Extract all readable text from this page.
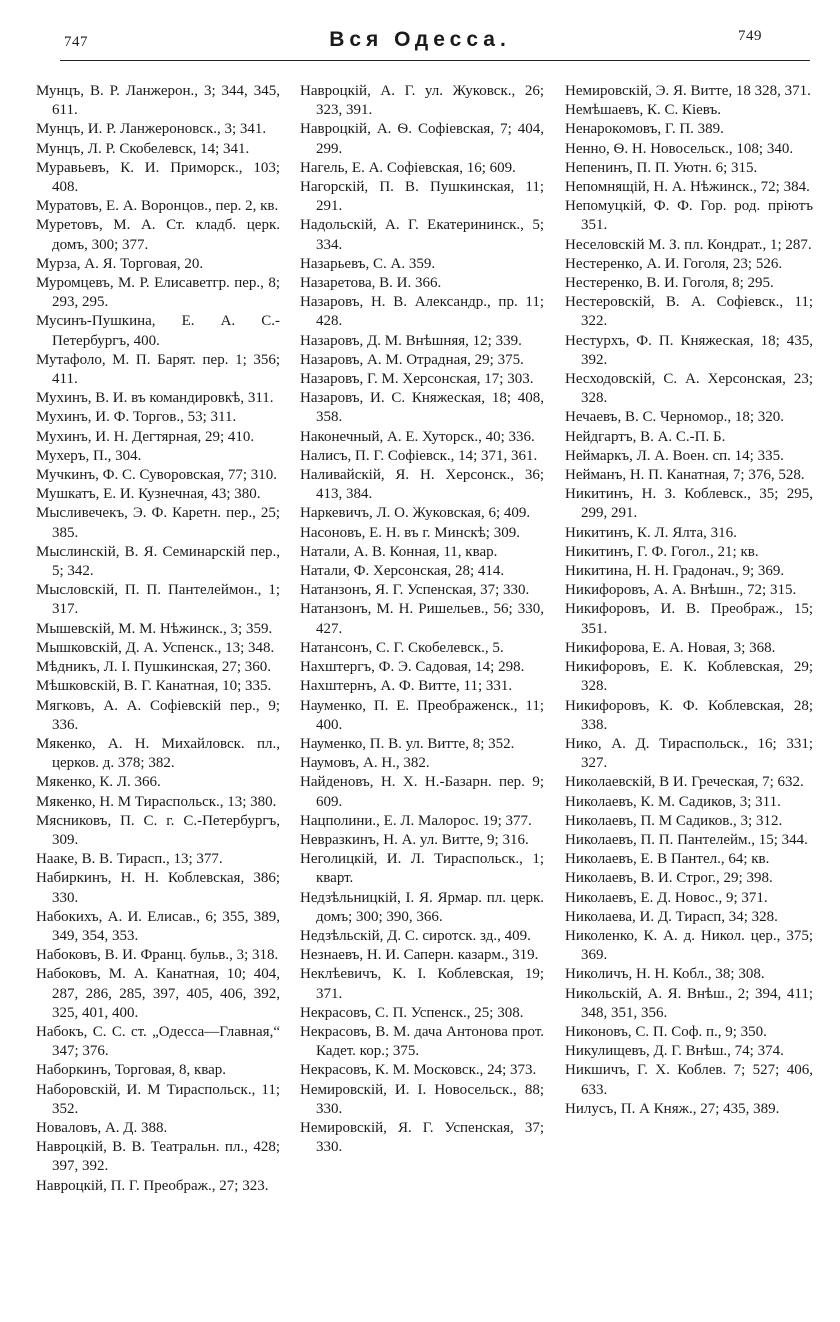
747	Вся Одесса.	749

Мунцъ, В. Р. Ланжерон., 3; 344, 345, 611.

Мунцъ, И. Р. Ланжероновск., 3; 341.

Мунцъ, Л. Р. Скобелевск, 14; 341.

Муравьевъ, К. И. Приморск., 103; 408.

Муратовъ, Е. А. Воронцов., пер. 2, кв.

Муретовъ, М. А. Ст. кладб. церк. домъ, 300; 377.

Мурза, А. Я. Торговая, 20.

Муромцевъ, М. Р. Елисаветгр. пер., 8; 293, 295.

Мусинъ-Пушкина, Е. А. С.-Петербургъ, 400.

Мутафоло, М. П. Барят. пер. 1; 356; 411.

Мухинъ, В. И. въ командировкѣ, 311.

Мухинъ, И. Ф. Торгов., 53; 311.

Мухинъ, И. Н. Дегтярная, 29; 410.

Мухеръ, П., 304.

Мучкинъ, Ф. С. Суворовская, 77; 310.

Мушкатъ, Е. И. Кузнечная, 43; 380.

Мысливечекъ, Э. Ф. Каретн. пер., 25; 385.

Мыслинскій, В. Я. Семинарскій пер., 5; 342.

Мысловскій, П. П. Пантелеймон., 1; 317.

Мышевскій, М. М. Нѣжинск., 3; 359.

Мышковскій, Д. А. Успенск., 13; 348.

Мѣдникъ, Л. І. Пушкинская, 27; 360.

Мѣшковскій, В. Г. Канатная, 10; 335.

Мягковъ, А. А. Софіевскій пер., 9; 336.

Мякенко, А. Н. Михайловск. пл., церков. д. 378; 382.

Мякенко, К. Л. 366.

Мякенко, Н. М Тираспольск., 13; 380.

Мясниковъ, П. С. г. С.-Петербургъ, 309.

Наакe, В. В. Тирасп., 13; 377.

Набиркинъ, Н. Н. Коблевская, 386; 330.

Набокихъ, А. И. Елисав., 6; 355, 389, 349, 354, 353.

Набоковъ, В. И. Франц. бульв., 3; 318.

Набоковъ, М. А. Канатная, 10; 404, 287, 286, 285, 397, 405, 406, 392, 325, 401, 400.

Набокъ, С. С. ст. „Одесса—Главная,“ 347; 376.

Наборкинъ, Торговая, 8, квар.

Наборовскій, И. М Тираспольск., 11; 352.

Новаловъ, А. Д. 388.

Навроцкій, В. В. Театральн. пл., 428; 397, 392.

Навроцкій, П. Г. Преображ., 27; 323.

Навроцкій, А. Г. ул. Жуковск., 26; 323, 391.

Навроцкій, А. Ѳ. Софіевская, 7; 404, 299.

Нагель, Е. А. Софіевская, 16; 609.

Нагорскій, П. В. Пушкинская, 11; 291.

Надольскій, А. Г. Екатерининск., 5; 334.

Назарьевъ, С. А. 359.

Назаретова, В. И. 366.

Назаровъ, Н. В. Александр., пр. 11; 428.

Назаровъ, Д. М. Внѣшняя, 12; 339.

Назаровъ, А. М. Отрадная, 29; 375.

Назаровъ, Г. М. Херсонская, 17; 303.

Назаровъ, И. С. Княжеская, 18; 408, 358.

Наконечный, А. Е. Хуторск., 40; 336.

Налисъ, П. Г. Софіевск., 14; 371, 361.

Наливайскій, Я. Н. Херсонск., 36; 413, 384.

Наркевичъ, Л. О. Жуковская, 6; 409.

Насоновъ, Е. Н. въ г. Минскѣ; 309.

Натали, А. В. Конная, 11, квар.

Натали, Ф. Херсонская, 28; 414.

Натанзонъ, Я. Г. Успенская, 37; 330.

Натанзонъ, М. Н. Ришельев., 56; 330, 427.

Натансонъ, С. Г. Скобелевск., 5.

Нахштергъ, Ф. Э. Садовая, 14; 298.

Нахштернъ, А. Ф. Витте, 11; 331.

Науменко, П. Е. Преображенск., 11; 400.

Науменко, П. В. ул. Витте, 8; 352.

Наумовъ, А. Н., 382.

Найденовъ, Н. Х. Н.-Базарн. пер. 9; 609.

Нацполини., Е. Л. Малорос. 19; 377.

Невразкинъ, Н. А. ул. Витте, 9; 316.

Неголицкій, И. Л. Тираспольск., 1; кварт.

Недзѣльницкій, І. Я. Ярмар. пл. церк. домъ; 300; 390, 366.

Недзѣльскій, Д. С. сиротск. зд., 409.

Незнаевъ, Н. И. Саперн. казарм., 319.

Неклѣевичъ, К. І. Коблевская, 19; 371.

Некрасовъ, С. П. Успенск., 25; 308.

Некрасовъ, В. М. дача Антонова прот. Кадет. кор.; 375.

Некрасовъ, К. М. Московск., 24; 373.

Немировскій, И. І. Новосельск., 88; 330.

Немировскій, Я. Г. Успенская, 37; 330.

Немировскій, Э. Я. Витте, 18 328, 371.

Немѣшаевъ, К. С. Кіевъ.

Ненарокомовъ, Г. П. 389.

Ненно, Ѳ. Н. Новосельск., 108; 340.

Непенинъ, П. П. Уютн. 6; 315.

Непомнящій, Н. А. Нѣжинск., 72; 384.

Непомуцкій, Ф. Ф. Гор. род. пріютъ 351.

Неселовскій М. З. пл. Кондрат., 1; 287.

Нестеренко, А. И. Гоголя, 23; 526.

Нестеренко, В. И. Гоголя, 8; 295.

Нестеровскій, В. А. Софіевск., 11; 322.

Нестурхъ, Ф. П. Княжеская, 18; 435, 392.

Несходовскій, С. А. Херсонская, 23; 328.

Нечаевъ, В. С. Черномор., 18; 320.

Нейдгартъ, В. А. С.-П. Б.

Неймаркъ, Л. А. Воен. сп. 14; 335.

Нейманъ, Н. П. Канатная, 7; 376, 528.

Никитинъ, Н. З. Коблевск., 35; 295, 299, 291.

Никитинъ, К. Л. Ялта, 316.

Никитинъ, Г. Ф. Гогол., 21; кв.

Никитина, Н. Н. Градонач., 9; 369.

Никифоровъ, А. А. Внѣшн., 72; 315.

Никифоровъ, И. В. Преображ., 15; 351.

Никифорова, Е. А. Новая, 3; 368.

Никифоровъ, Е. К. Коблевская, 29; 328.

Никифоровъ, К. Ф. Коблевская, 28; 338.

Нико, А. Д. Тираспольск., 16; 331; 327.

Николаевскій, В И. Греческая, 7; 632.

Николаевъ, К. М. Садиков, 3; 311.

Николаевъ, П. М Садиков., 3; 312.

Николаевъ, П. П. Пантелейм., 15; 344.

Николаевъ, Е. В Пантел., 64; кв.

Николаевъ, В. И. Строг., 29; 398.

Николаевъ, Е. Д. Новос., 9; 371.

Николаева, И. Д. Тирасп, 34; 328.

Николенко, К. А. д. Никол. цер., 375; 369.

Николичъ, Н. Н. Кобл., 38; 308.

Никольскій, А. Я. Внѣш., 2; 394, 411; 348, 351, 356.

Никоновъ, С. П. Соф. п., 9; 350.

Никулищевъ, Д. Г. Внѣш., 74; 374.

Никшичъ, Г. Х. Коблев. 7; 527; 406, 633.

Нилусъ, П. А Княж., 27; 435, 389.
